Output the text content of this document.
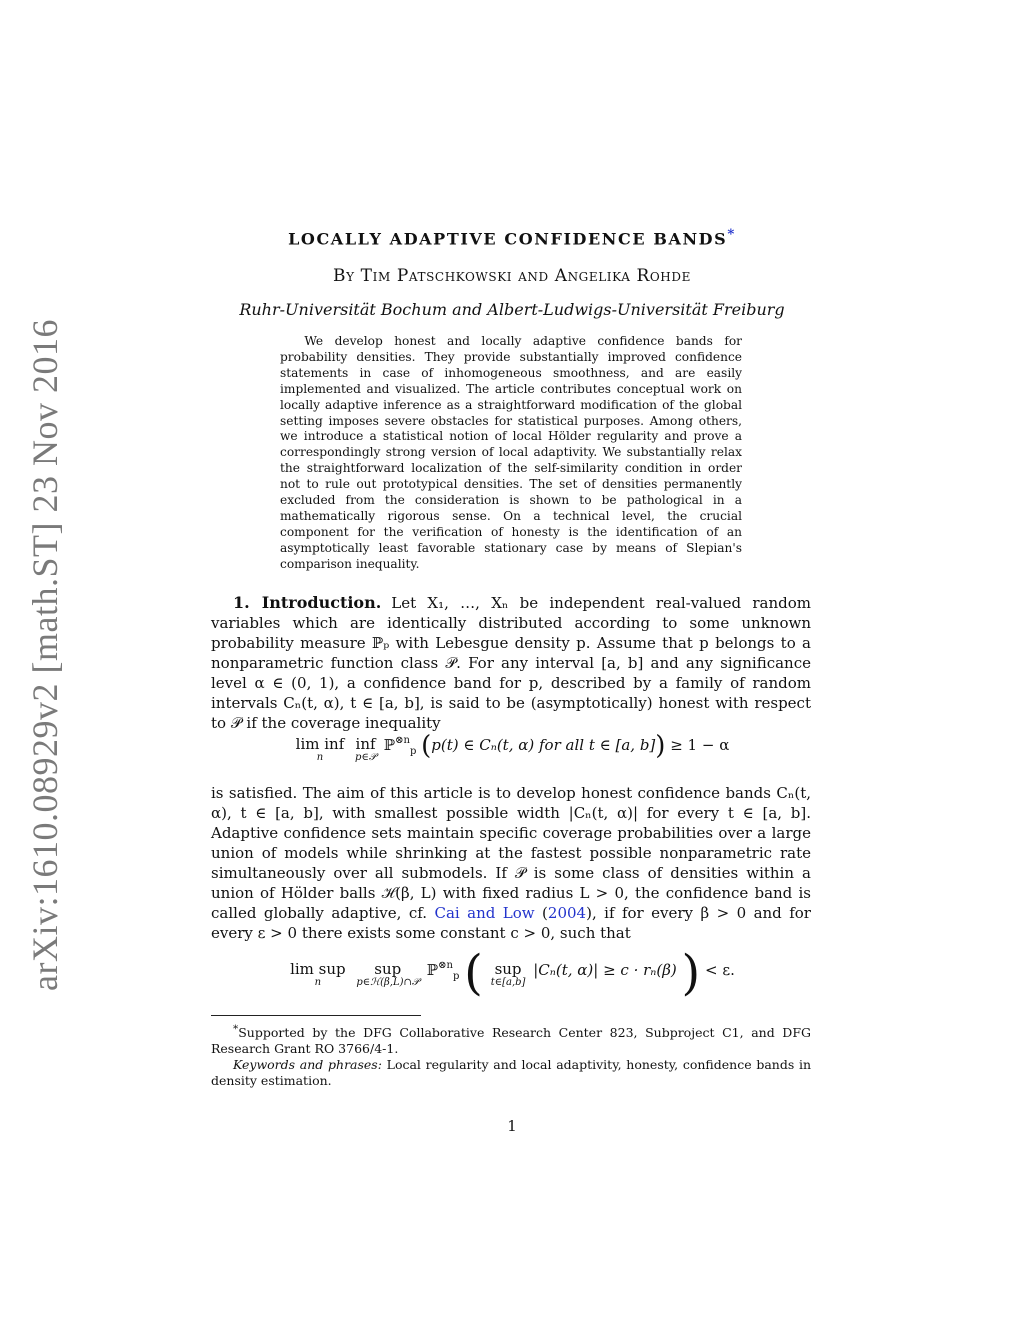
arXiv:1610.08929v2 [math.ST] 23 Nov 2016
LOCALLY ADAPTIVE CONFIDENCE BANDS*
By Tim Patschkowski and Angelika Rohde
Ruhr-Universität Bochum and Albert-Ludwigs-Universität Freiburg
We develop honest and locally adaptive confidence bands for probability densities. They provide substantially improved confidence statements in case of inhomogeneous smoothness, and are easily implemented and visualized. The article contributes conceptual work on locally adaptive inference as a straightforward modification of the global setting imposes severe obstacles for statistical purposes. Among others, we introduce a statistical notion of local Hölder regularity and prove a correspondingly strong version of local adaptivity. We substantially relax the straightforward localization of the self-similarity condition in order not to rule out prototypical densities. The set of densities permanently excluded from the consideration is shown to be pathological in a mathematically rigorous sense. On a technical level, the crucial component for the verification of honesty is the identification of an asymptotically least favorable stationary case by means of Slepian's comparison inequality.
1. Introduction. Let X₁, …, Xₙ be independent real-valued random variables which are identically distributed according to some unknown probability measure ℙₚ with Lebesgue density p. Assume that p belongs to a nonparametric function class 𝒫. For any interval [a, b] and any significance level α ∈ (0, 1), a confidence band for p, described by a family of random intervals Cₙ(t, α), t ∈ [a, b], is said to be (asymptotically) honest with respect to 𝒫 if the coverage inequality
lim inf
n
inf
p∈𝒫
ℙ$^{\otimes n}_p$ (p(t) ∈ Cₙ(t, α) for all t ∈ [a, b]) ≥ 1 − α
is satisfied. The aim of this article is to develop honest confidence bands Cₙ(t, α), t ∈ [a, b], with smallest possible width |Cₙ(t, α)| for every t ∈ [a, b]. Adaptive confidence sets maintain specific coverage probabilities over a large union of models while shrinking at the fastest possible nonparametric rate simultaneously over all submodels. If 𝒫 is some class of densities within a union of Hölder balls ℋ(β, L) with fixed radius L > 0, the confidence band is called globally adaptive, cf. Cai and Low (2004), if for every β > 0 and for every ε > 0 there exists some constant c > 0, such that
lim sup
n
sup
p∈ℋ(β,L)∩𝒫
ℙ$^{\otimes n}_p$ ( sup
t∈[a,b]
|Cₙ(t, α)| ≥ c · rₙ(β) ) < ε.
*Supported by the DFG Collaborative Research Center 823, Subproject C1, and DFG Research Grant RO 3766/4-1.
Keywords and phrases: Local regularity and local adaptivity, honesty, confidence bands in density estimation.
1
